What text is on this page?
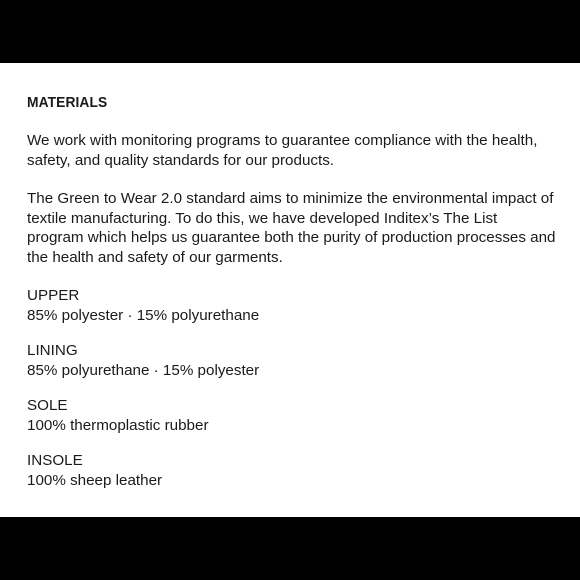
MATERIALS

We work with monitoring programs to guarantee compliance with the health, safety, and quality standards for our products.

The Green to Wear 2.0 standard aims to minimize the environmental impact of textile manufacturing. To do this, we have developed Inditex’s The List program which helps us guarantee both the purity of production processes and the health and safety of our garments.

UPPER
85% polyester · 15% polyurethane
LINING
85% polyurethane · 15% polyester
SOLE
100% thermoplastic rubber
INSOLE
100% sheep leather
